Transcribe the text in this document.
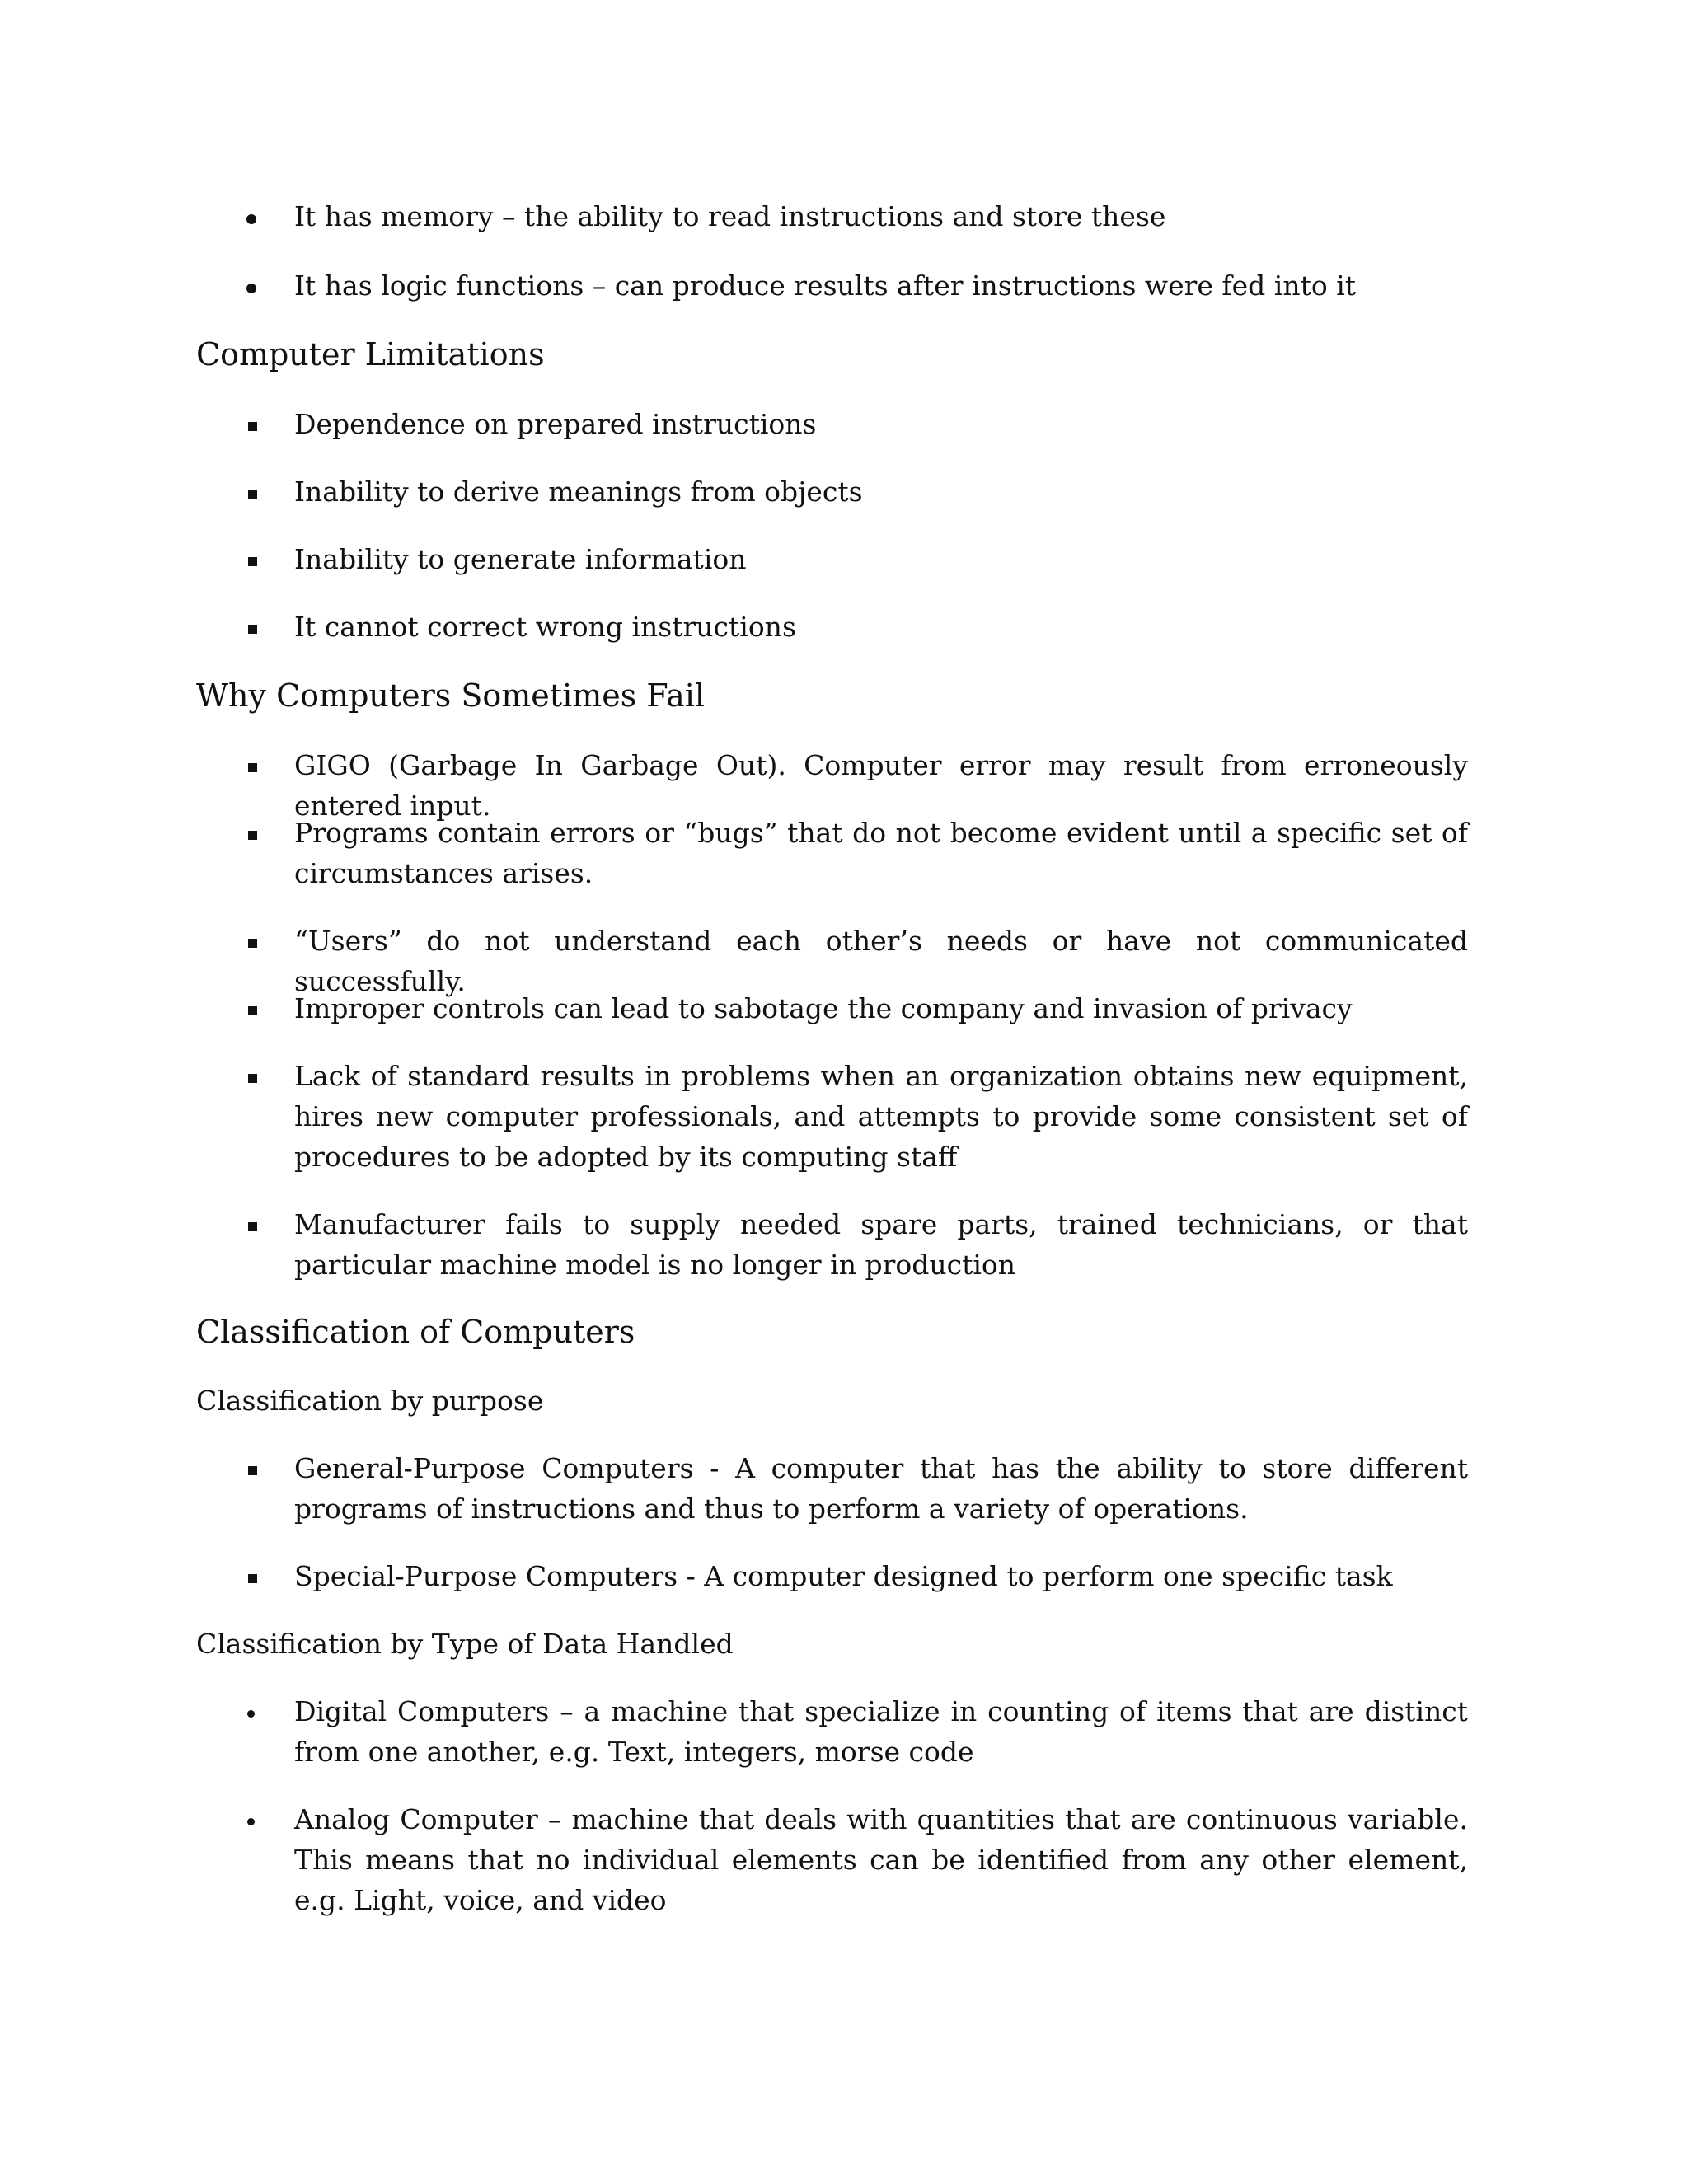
It has memory – the ability to read instructions and store these
It has logic functions – can produce results after instructions were fed into it
Computer Limitations
Dependence on prepared instructions
Inability to derive meanings from objects
Inability to generate information
It cannot correct wrong instructions
Why Computers Sometimes Fail
GIGO (Garbage In Garbage Out). Computer error may result from erroneously entered input.
Programs contain errors or “bugs” that do not become evident until a specific set of circumstances arises.
“Users” do not understand each other’s needs or have not communicated successfully.
Improper controls can lead to sabotage the company and invasion of privacy
Lack of standard results in problems when an organization obtains new equipment, hires new computer professionals, and attempts to provide some consistent set of procedures to be adopted by its computing staff
Manufacturer fails to supply needed spare parts, trained technicians, or that particular machine model is no longer in production
Classification of Computers
Classification by purpose
General-Purpose Computers - A computer that has the ability to store different programs of instructions and thus to perform a variety of operations.
Special-Purpose Computers - A computer designed to perform one specific task
Classification by Type of Data Handled
Digital Computers – a machine that specialize in counting of items that are distinct from one another, e.g. Text, integers, morse code
Analog Computer – machine that deals with quantities that are continuous variable. This means that no individual elements can be identified from any other element, e.g. Light, voice, and video
